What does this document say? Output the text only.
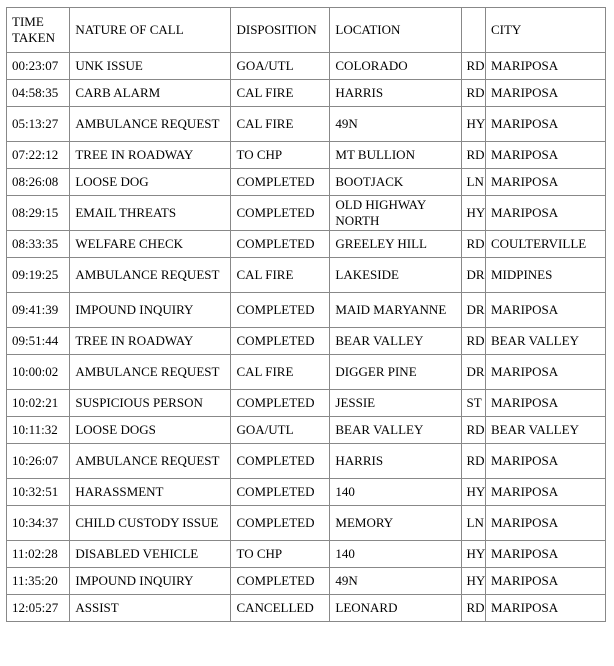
TIME TAKEN	NATURE OF CALL	DISPOSITION	LOCATION		CITY
00:23:07	UNK ISSUE	GOA/UTL	COLORADO	RD	MARIPOSA
04:58:35	CARB ALARM	CAL FIRE	HARRIS	RD	MARIPOSA
05:13:27	AMBULANCE REQUEST	CAL FIRE	49N	HY	MARIPOSA
07:22:12	TREE IN ROADWAY	TO CHP	MT BULLION	RD	MARIPOSA
08:26:08	LOOSE DOG	COMPLETED	BOOTJACK	LN	MARIPOSA
08:29:15	EMAIL THREATS	COMPLETED	OLD HIGHWAY NORTH	HY	MARIPOSA
08:33:35	WELFARE CHECK	COMPLETED	GREELEY HILL	RD	COULTERVILLE
09:19:25	AMBULANCE REQUEST	CAL FIRE	LAKESIDE	DR	MIDPINES
09:41:39	IMPOUND INQUIRY	COMPLETED	MAID MARYANNE	DR	MARIPOSA
09:51:44	TREE IN ROADWAY	COMPLETED	BEAR VALLEY	RD	BEAR VALLEY
10:00:02	AMBULANCE REQUEST	CAL FIRE	DIGGER PINE	DR	MARIPOSA
10:02:21	SUSPICIOUS PERSON	COMPLETED	JESSIE	ST	MARIPOSA
10:11:32	LOOSE DOGS	GOA/UTL	BEAR VALLEY	RD	BEAR VALLEY
10:26:07	AMBULANCE REQUEST	COMPLETED	HARRIS	RD	MARIPOSA
10:32:51	HARASSMENT	COMPLETED	140	HY	MARIPOSA
10:34:37	CHILD CUSTODY ISSUE	COMPLETED	MEMORY	LN	MARIPOSA
11:02:28	DISABLED VEHICLE	TO CHP	140	HY	MARIPOSA
11:35:20	IMPOUND INQUIRY	COMPLETED	49N	HY	MARIPOSA
12:05:27	ASSIST	CANCELLED	LEONARD	RD	MARIPOSA
